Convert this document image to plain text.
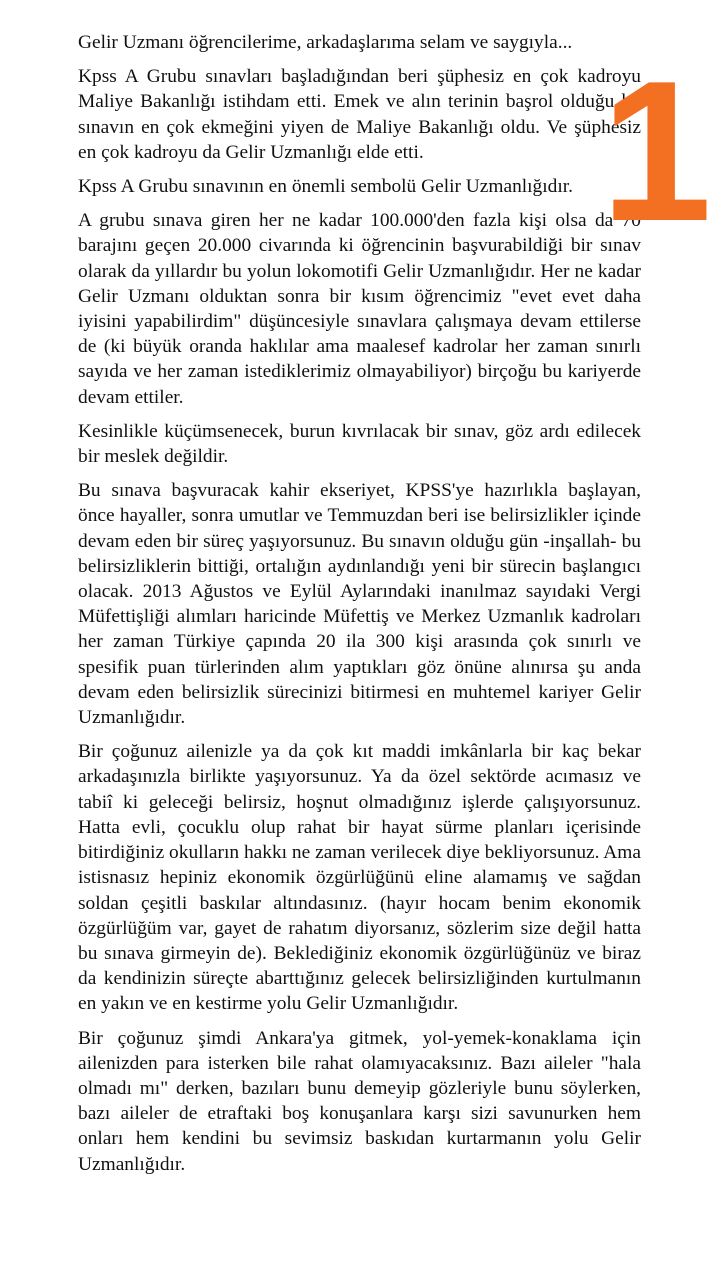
Gelir Uzmanı öğrencilerime, arkadaşlarıma selam ve saygıyla...

Kpss A Grubu sınavları başladığından beri şüphesiz en çok kadroyu Maliye Bakanlığı istihdam etti. Emek ve alın terinin başrol olduğu bu sınavın en çok ekmeğini yiyen de Maliye Bakanlığı oldu. Ve şüphesiz en çok kadroyu da Gelir Uzmanlığı elde etti.

Kpss A Grubu sınavının en önemli sembolü Gelir Uzmanlığıdır.

A grubu sınava giren her ne kadar 100.000'den fazla kişi olsa da 70 barajını geçen 20.000 civarında ki öğrencinin başvurabildiği bir sınav olarak da yıllardır bu yolun lokomotifi Gelir Uzmanlığıdır. Her ne kadar Gelir Uzmanı olduktan sonra bir kısım öğrencimiz "evet evet daha iyisini yapabilirdim" düşüncesiyle sınavlara çalışmaya devam ettilerse de (ki büyük oranda haklılar ama maalesef kadrolar her zaman sınırlı sayıda ve her zaman istediklerimiz olmayabiliyor) birçoğu bu kariyerde devam ettiler.

Kesinlikle küçümsenecek, burun kıvrılacak bir sınav, göz ardı edilecek bir meslek değildir.

Bu sınava başvuracak kahir ekseriyet, KPSS'ye hazırlıkla başlayan, önce hayaller, sonra umutlar ve Temmuzdan beri ise belirsizlikler içinde devam eden bir süreç yaşıyorsunuz. Bu sınavın olduğu gün -inşallah- bu belirsizliklerin bittiği, ortalığın aydınlandığı yeni bir sürecin başlangıcı olacak. 2013 Ağustos ve Eylül Aylarındaki inanılmaz sayıdaki Vergi Müfettişliği alımları haricinde Müfettiş ve Merkez Uzmanlık kadroları her zaman Türkiye çapında 20 ila 300 kişi arasında çok sınırlı ve spesifik puan türlerinden alım yaptıkları göz önüne alınırsa şu anda devam eden belirsizlik sürecinizi bitirmesi en muhtemel kariyer Gelir Uzmanlığıdır.

Bir çoğunuz ailenizle ya da çok kıt maddi imkânlarla bir kaç bekar arkadaşınızla birlikte yaşıyorsunuz. Ya da özel sektörde acımasız ve tabiî ki geleceği belirsiz, hoşnut olmadığınız işlerde çalışıyorsunuz. Hatta evli, çocuklu olup rahat bir hayat sürme planları içerisinde bitirdiğiniz okulların hakkı ne zaman verilecek diye bekliyorsunuz. Ama istisnasız hepiniz ekonomik özgürlüğünü eline alamamış ve sağdan soldan çeşitli baskılar altındasınız. (hayır hocam benim ekonomik özgürlüğüm var, gayet de rahatım diyorsanız, sözlerim size değil hatta bu sınava girmeyin de). Beklediğiniz ekonomik özgürlüğünüz ve biraz da kendinizin süreçte abarttığınız gelecek belirsizliğinden kurtulmanın en yakın ve en kestirme yolu Gelir Uzmanlığıdır.

Bir çoğunuz şimdi Ankara'ya gitmek, yol-yemek-konaklama için ailenizden para isterken bile rahat olamıyacaksınız. Bazı aileler "hala olmadı mı" derken, bazıları bunu demeyip gözleriyle bunu söylerken, bazı aileler de etraftaki boş konuşanlara karşı sizi savunurken hem onları hem kendini bu sevimsiz baskıdan kurtarmanın yolu Gelir Uzmanlığıdır.

1
